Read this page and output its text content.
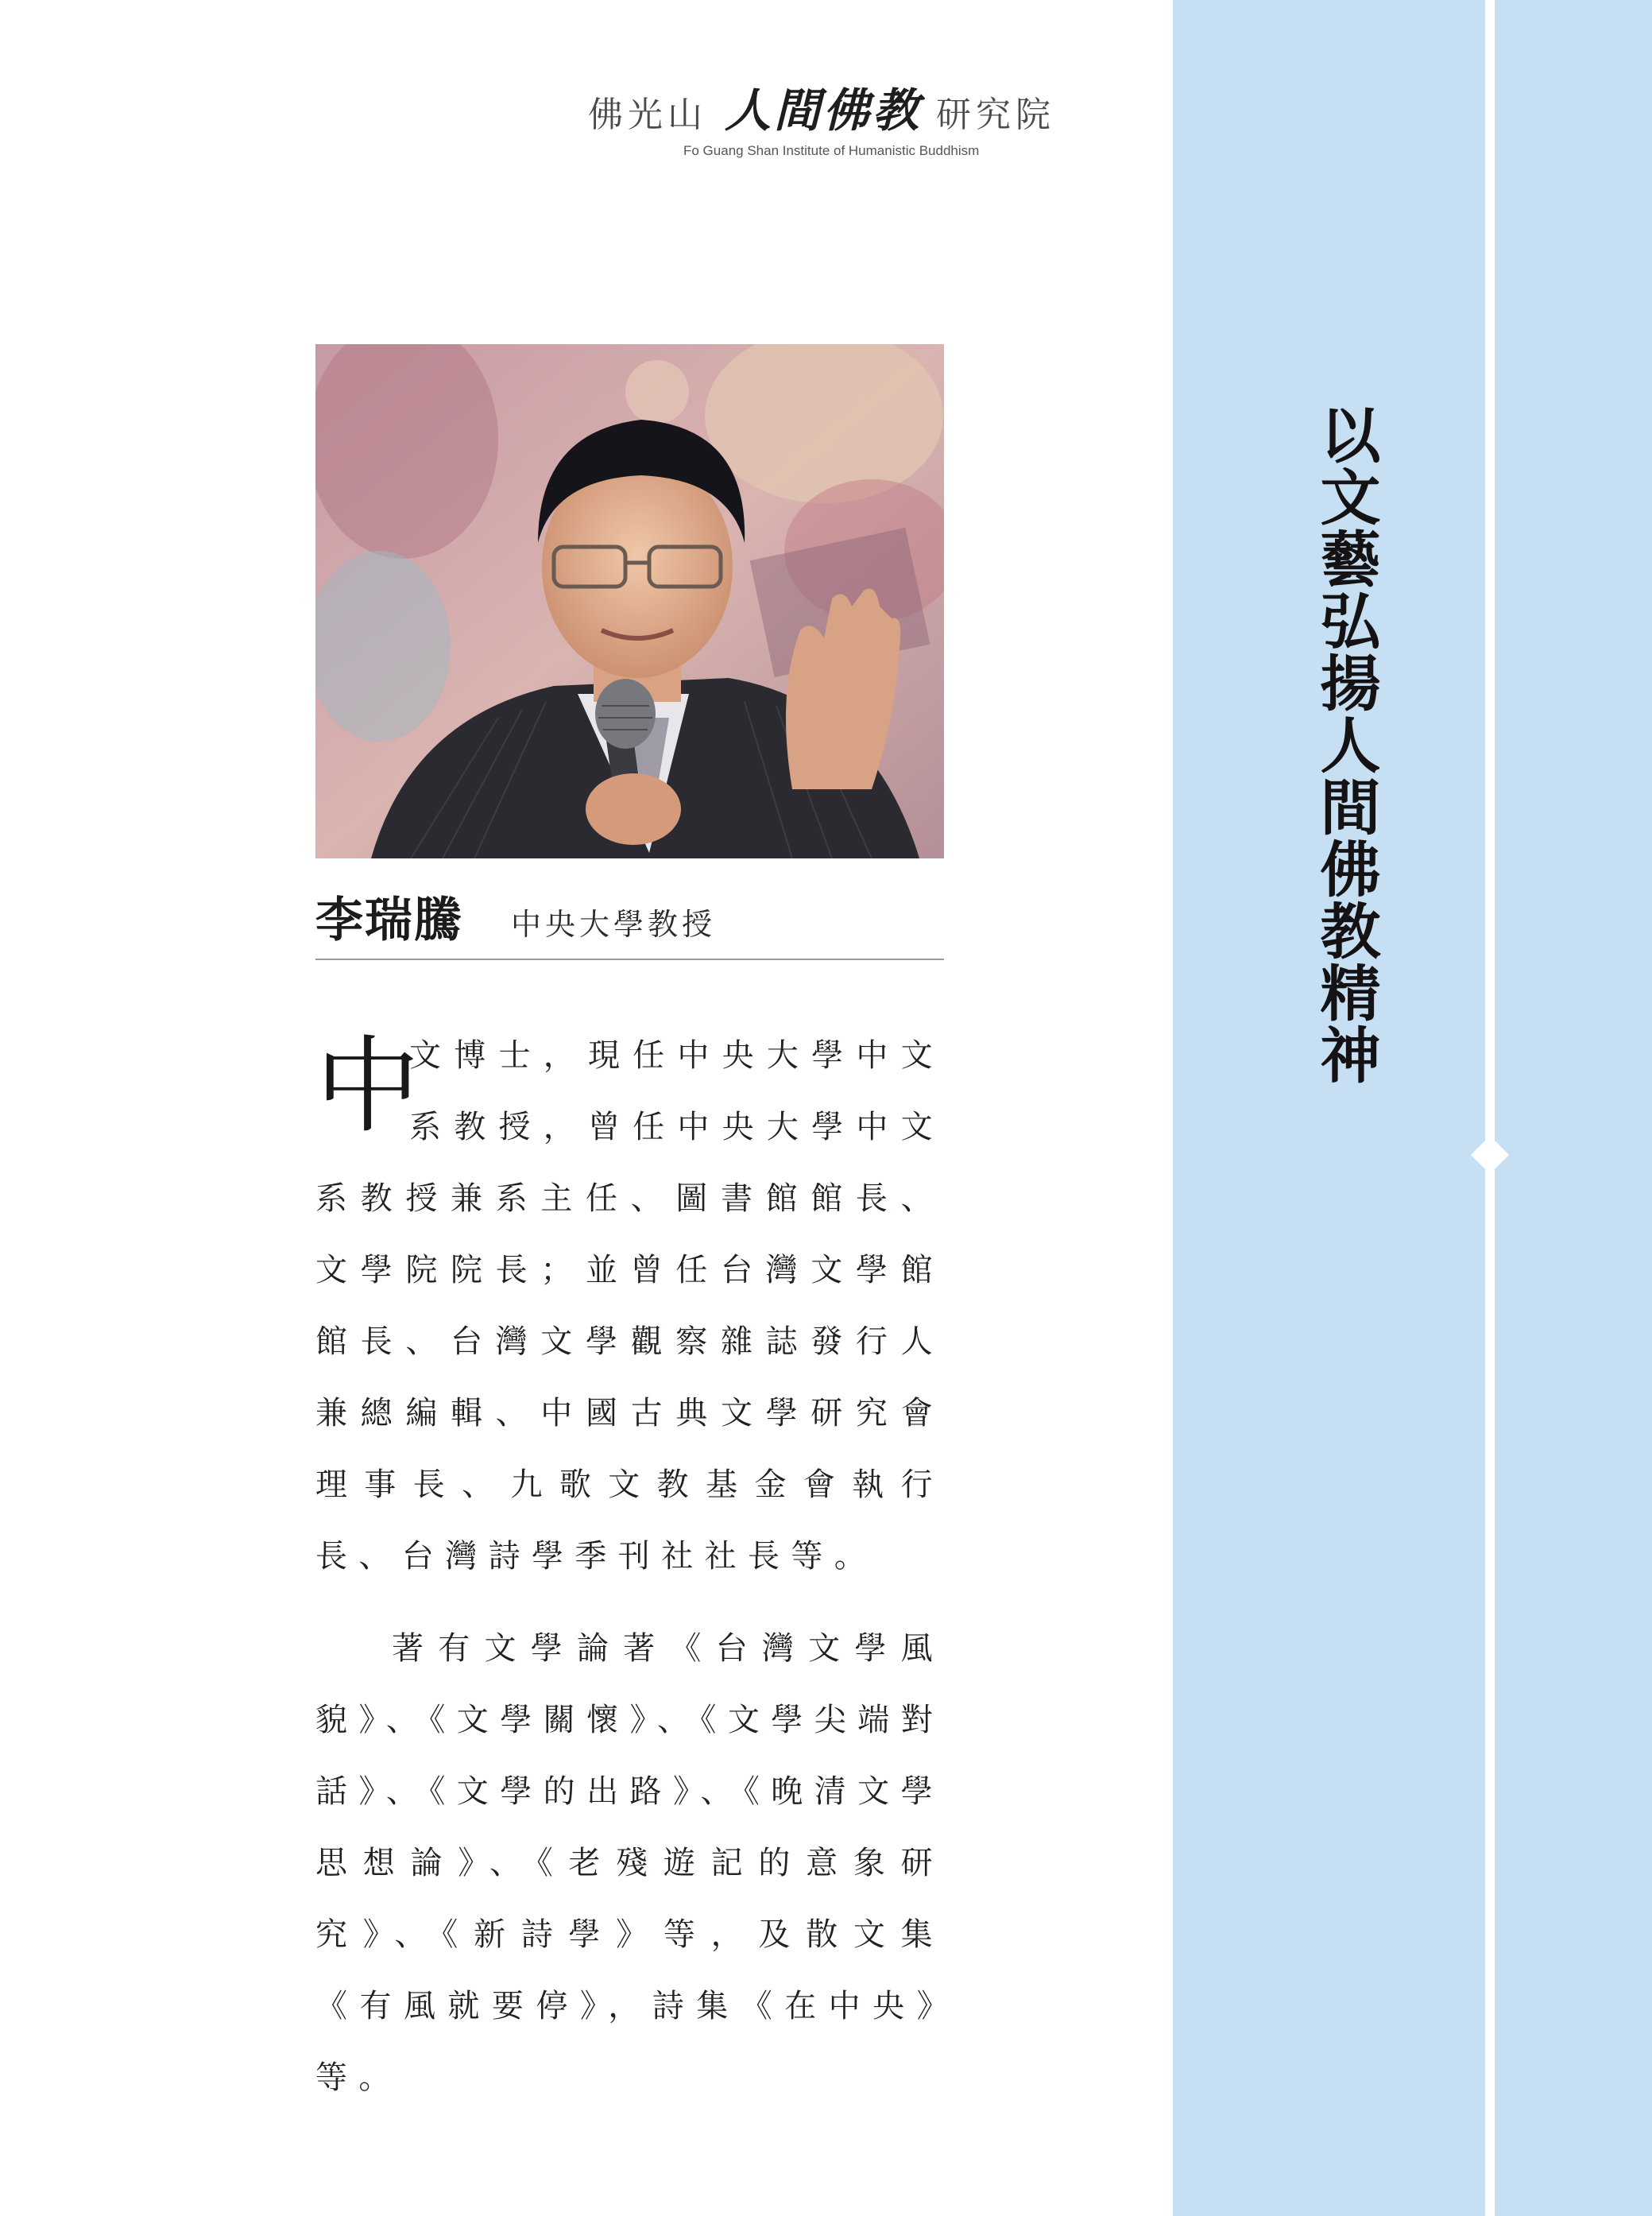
以文藝弘揚人間佛教精神
佛光山 人間佛教 研究院
Fo Guang Shan Institute of Humanistic Buddhism
李瑞騰 中央大學教授

中
文博士，現任中央大學中文系教授，曾任中央大學中文系教授兼系主任、圖書館館長、文學院院長；並曾任台灣文學館館長、台灣文學觀察雜誌發行人兼總編輯、中國古典文學研究會理事長、九歌文教基金會執行長、台灣詩學季刊社社長等。

著有文學論著《台灣文學風貌》、《文學關懷》、《文學尖端對話》、《文學的出路》、《晚清文學思想論》、《老殘遊記的意象研究》、《新詩學》等，及散文集《有風就要停》，詩集《在中央》等。
